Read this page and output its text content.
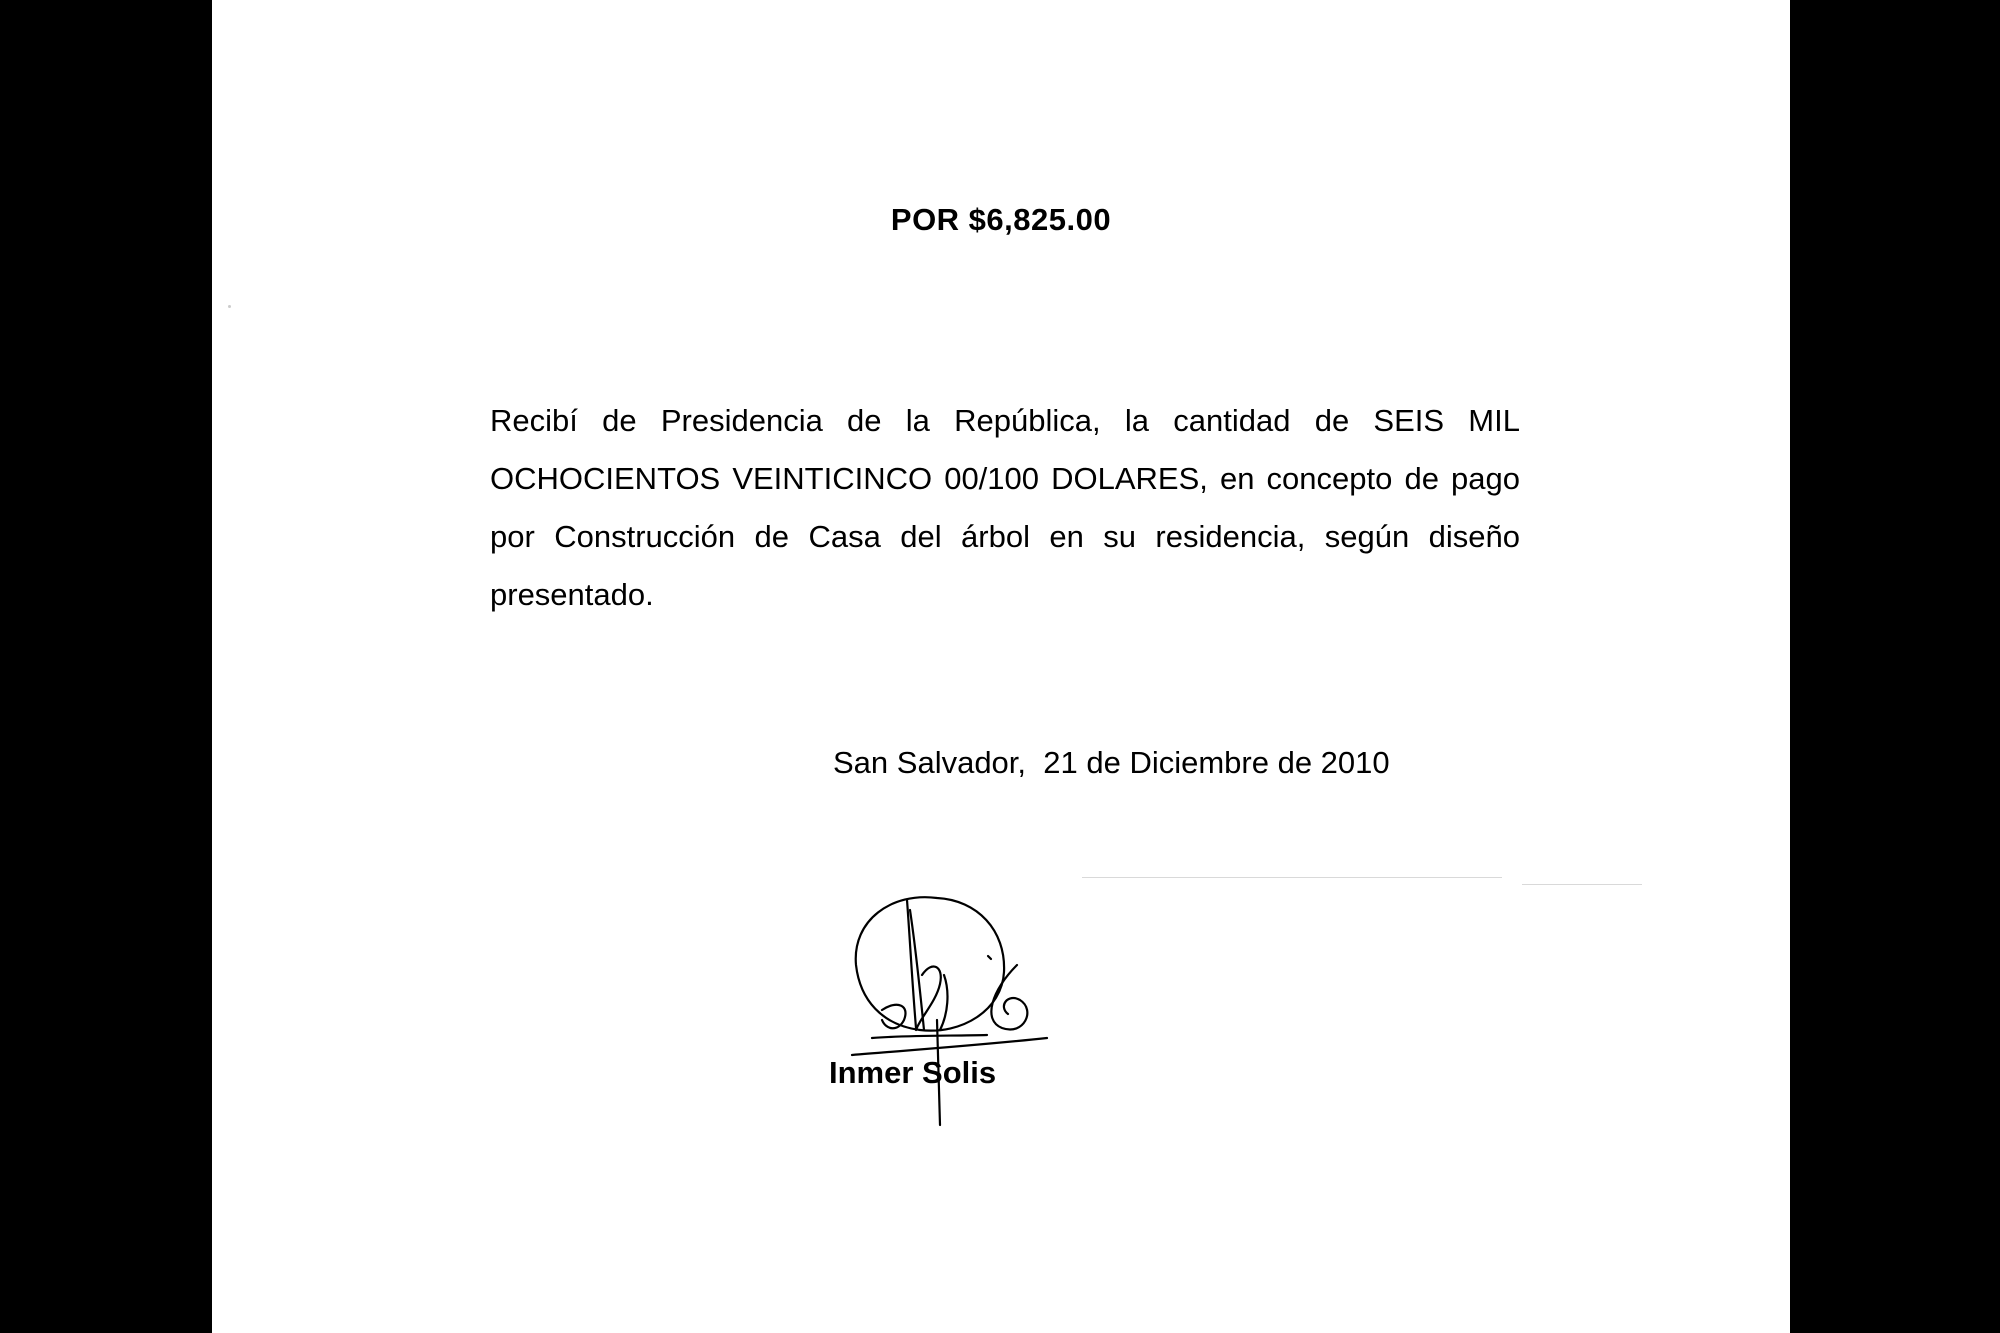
POR $6,825.00

Recibí de Presidencia de la República, la cantidad de SEIS MIL OCHOCIENTOS VEINTICINCO 00/100 DOLARES, en concepto de pago por Construcción de Casa del árbol en su residencia, según diseño presentado.

San Salvador,  21 de Diciembre de 2010

Inmer Solis
